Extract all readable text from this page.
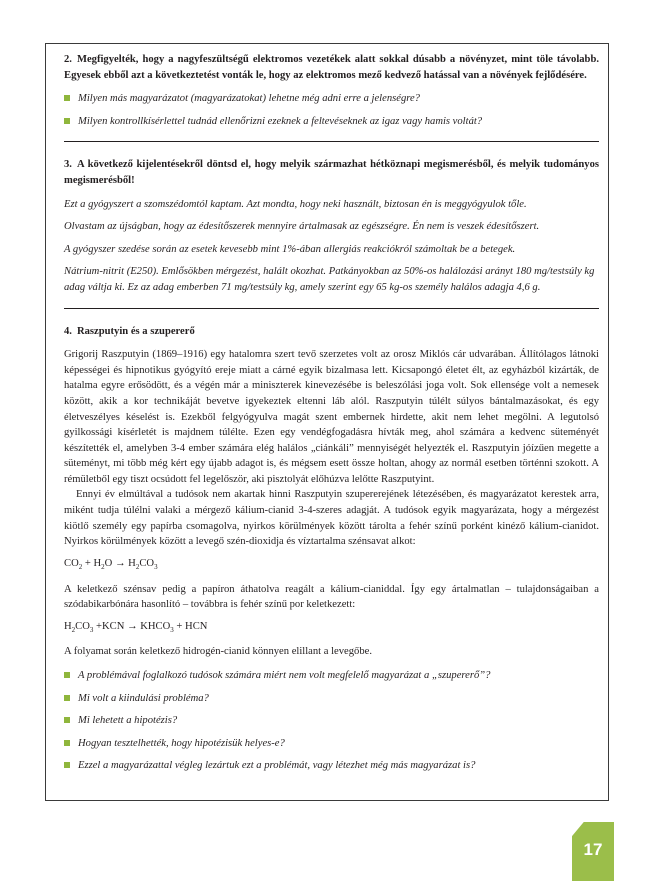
2. Megfigyelték, hogy a nagyfeszültségű elektromos vezetékek alatt sokkal dúsabb a növényzet, mint töle távolabb. Egyesek ebből azt a következtetést vonták le, hogy az elektromos mező kedvező hatással van a növények fejlődésére.

Milyen más magyarázatot (magyarázatokat) lehetne még adni erre a jelenségre?

Milyen kontrollkísérlettel tudnád ellenőrizni ezeknek a feltevéseknek az igaz vagy hamis voltát?

3. A következő kijelentésekről döntsd el, hogy melyik származhat hétköznapi megismerésből, és melyik tudományos megismerésből!

Ezt a gyógyszert a szomszédomtól kaptam. Azt mondta, hogy neki használt, biztosan én is meggyógyulok tőle.

Olvastam az újságban, hogy az édesítőszerek mennyire ártalmasak az egészségre. Én nem is veszek édesítőszert.

A gyógyszer szedése során az esetek kevesebb mint 1%-ában allergiás reakciókról számoltak be a betegek.

Nátrium-nitrit (E250). Emlősökben mérgezést, halált okozhat. Patkányokban az 50%-os halálozási arányt 180 mg/testsúly kg adag váltja ki. Ez az adag emberben 71 mg/testsúly kg, amely szerint egy 65 kg-os személy halálos adagja 4,6 g.

4. Raszputyin és a szupererő

Grigorij Raszputyin (1869–1916) egy hatalomra szert tevő szerzetes volt az orosz Miklós cár udvarában. Állítólagos látnoki képességei és hipnotikus gyógyító ereje miatt a cárné egyik bizalmasa lett. Kicsapongó életet élt, az egyházból kizárták, de hatalma egyre erősödött, és a végén már a miniszterek kinevezésébe is beleszólási joga volt. Sok ellensége volt a nemesek között, akik a kor technikáját bevetve igyekeztek eltenni láb alól. Raszputyin túlélt súlyos bántalmazásokat, és egy életveszélyes késelést is. Ezekből felgyógyulva magát szent embernek hirdette, akit nem lehet megölni. A legutolsó gyilkossági kísérletét is majdnem túlélte. Ezen egy vendégfogadásra hívták meg, ahol számára a kedvenc süteményét készítették el, amelyben 3-4 ember számára elég halálos „ciánkáli” mennyiségét helyezték el. Raszputyin jóízűen megette a süteményt, mi több még kért egy újabb adagot is, és mégsem esett össze holtan, ahogy az normál esetben történni szokott. A rémületből egy tiszt ocsúdott fel legelőször, aki pisztolyát előhúzva lelőtte Raszputyint.

Ennyi év elmúltával a tudósok nem akartak hinni Raszputyin szupererejének létezésében, és magyarázatot kerestek arra, miként tudja túlélni valaki a mérgező kálium-cianid 3-4-szeres adagját. A tudósok egyik magyarázata, hogy a mérgezést kiötlő személy egy papírba csomagolva, nyirkos körülmények között tárolta a fehér színű porként kinéző kálium-cianidot. Nyirkos körülmények között a levegő szén-dioxidja és víztartalma szénsavat alkot:

$CO_2 + H_2O \to H_2CO_3$

A keletkező szénsav pedig a papíron áthatolva reagált a kálium-cianiddal. Így egy ártalmatlan – tulajdonságaiban a szódabikarbónára hasonlító – továbbra is fehér színű por keletkezett:

$H_2CO_3 +KCN$ → $KHCO_3$ + HCN

A folyamat során keletkező hidrogén-cianid könnyen elillant a levegőbe.

A problémával foglalkozó tudósok számára miért nem volt megfelelő magyarázat a „szupererő”?

Mi volt a kiindulási probléma?

Mi lehetett a hipotézis?

Hogyan tesztelhették, hogy hipotézisük helyes-e?

Ezzel a magyarázattal végleg lezártuk ezt a problémát, vagy létezhet még más magyarázat is?

17
